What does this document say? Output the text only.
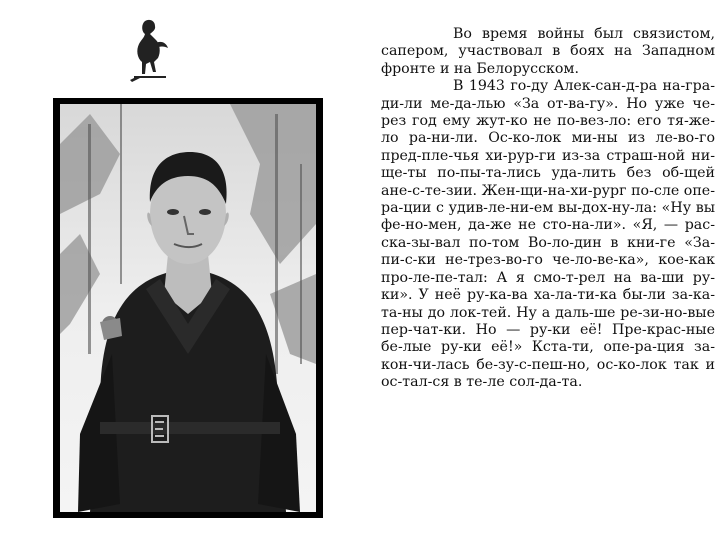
Во время войны был связистом, сапером, участвовал в боях на Западном фронте и на Белорусском.

В 1943 го-ду Алек-сан-д-ра на-гра-ди-ли ме-да-лью «За от-ва-гу». Но уже че-рез год ему жут-ко не по-вез-ло: его тя-же-ло ра-ни-ли. Ос-ко-лок ми-ны из ле-во-го пред-пле-чья хи-рур-ги из-за страш-ной ни-ще-ты по-пы-та-лись уда-лить без об-щей ане-с-те-зии. Жен-щи-на-хи-рург по-сле опе-ра-ции с удив-ле-ни-ем вы-дох-ну-ла: «Ну вы фе-но-мен, да-же не сто-на-ли». «Я, — рас-ска-зы-вал по-том Во-ло-дин в кни-ге «За-пи-с-ки не-трез-во-го че-ло-ве-ка», кое-как про-ле-пе-тал: А я смо-т-рел на ва-ши ру-ки». У неё ру-ка-ва ха-ла-ти-ка бы-ли за-ка-та-ны до лок-тей. Ну а даль-ше ре-зи-но-вые пер-чат-ки. Но — ру-ки её! Пре-крас-ные бе-лые ру-ки её!» Кста-ти, опе-ра-ция за-кон-чи-лась бе-зу-с-пеш-но, ос-ко-лок так и ос-тал-ся в те-ле сол-да-та.
